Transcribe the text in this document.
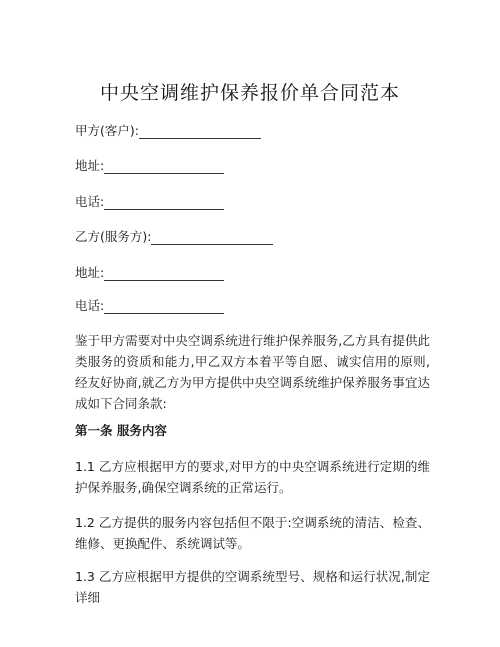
中央空调维护保养报价单合同范本
甲方(客户):
地址:
电话:
乙方(服务方):
地址:
电话:
鉴于甲方需要对中央空调系统进行维护保养服务,乙方具有提供此类服务的资质和能力,甲乙双方本着平等自愿、诚实信用的原则,经友好协商,就乙方为甲方提供中央空调系统维护保养服务事宜达成如下合同条款:
第一条 服务内容
1.1 乙方应根据甲方的要求,对甲方的中央空调系统进行定期的维护保养服务,确保空调系统的正常运行。
1.2 乙方提供的服务内容包括但不限于:空调系统的清洁、检查、维修、更换配件、系统调试等。
1.3 乙方应根据甲方提供的空调系统型号、规格和运行状况,制定详细
